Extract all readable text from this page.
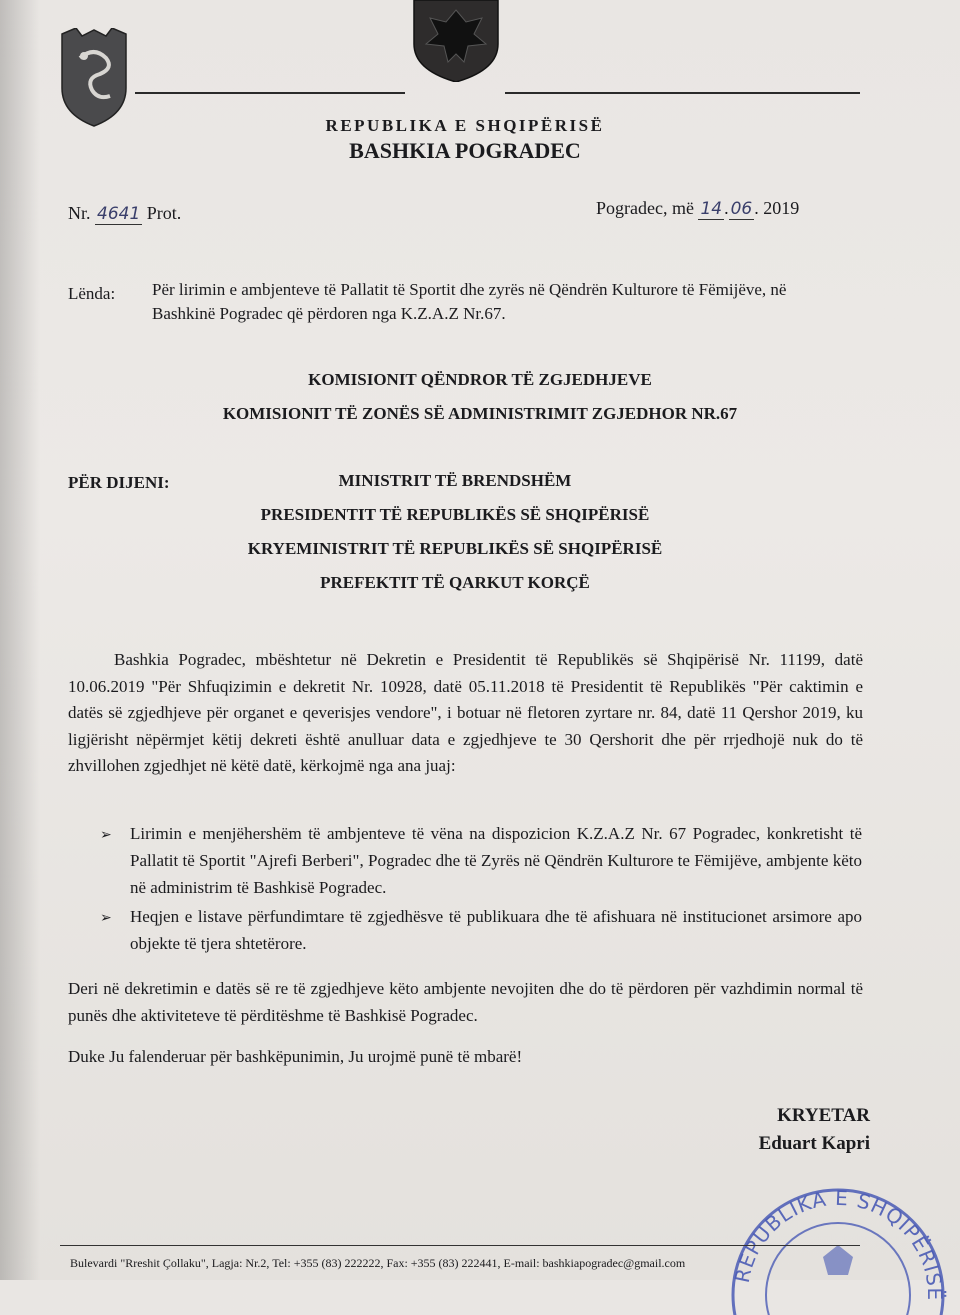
REPUBLIKA E SHQIPËRISË
BASHKIA POGRADEC
Nr. 4641 Prot.	Pogradec, më 14 . 06 . 2019
Lënda: Për lirimin e ambjenteve të Pallatit të Sportit dhe zyrës në Qëndrën Kulturore të Fëmijëve, në Bashkinë Pogradec që përdoren nga K.Z.A.Z Nr.67.
KOMISIONIT QËNDROR TË ZGJEDHJEVE
KOMISIONIT TË ZONËS SË ADMINISTRIMIT ZGJEDHOR NR.67
PËR DIJENI:	MINISTRIT TË BRENDSHËM
PRESIDENTIT TË REPUBLIKËS SË SHQIPËRISË
KRYEMINISTRIT TË REPUBLIKËS SË SHQIPËRISË
PREFEKTIT TË QARKUT KORÇË
Bashkia Pogradec, mbështetur në Dekretin e Presidentit të Republikës së Shqipërisë Nr. 11199, datë 10.06.2019 "Për Shfuqizimin e dekretit Nr. 10928, datë 05.11.2018 të Presidentit të Republikës "Për caktimin e datës së zgjedhjeve për organet e qeverisjes vendore", i botuar në fletoren zyrtare nr. 84, datë 11 Qershor 2019, ku ligjërisht nëpërmjet këtij dekreti është anulluar data e zgjedhjeve te 30 Qershorit dhe për rrjedhojë nuk do të zhvillohen zgjedhjet në këtë datë, kërkojmë nga ana juaj:
➢	Lirimin e menjëhershëm të ambjenteve të vëna na dispozicion K.Z.A.Z Nr. 67 Pogradec, konkretisht të Pallatit të Sportit "Ajrefi Berberi", Pogradec dhe të Zyrës në Qëndrën Kulturore te Fëmijëve, ambjente këto në administrim të Bashkisë Pogradec.
➢	Heqjen e listave përfundimtare të zgjedhësve të publikuara dhe të afishuara në institucionet arsimore apo objekte të tjera shtetërore.
Deri në dekretimin e datës së re të zgjedhjeve këto ambjente nevojiten dhe do të përdoren për vazhdimin normal të punës dhe aktiviteteve të përditëshme të Bashkisë Pogradec.
Duke Ju falenderuar për bashkëpunimin, Ju urojmë punë të mbarë!
KRYETAR
Eduart Kapri
REPUBLIKA E SHQIPËRISË
Bulevardi "Rreshit Çollaku", Lagja: Nr.2, Tel: +355 (83) 222222, Fax: +355 (83) 222441, E-mail: bashkiapogradec@gmail.com
